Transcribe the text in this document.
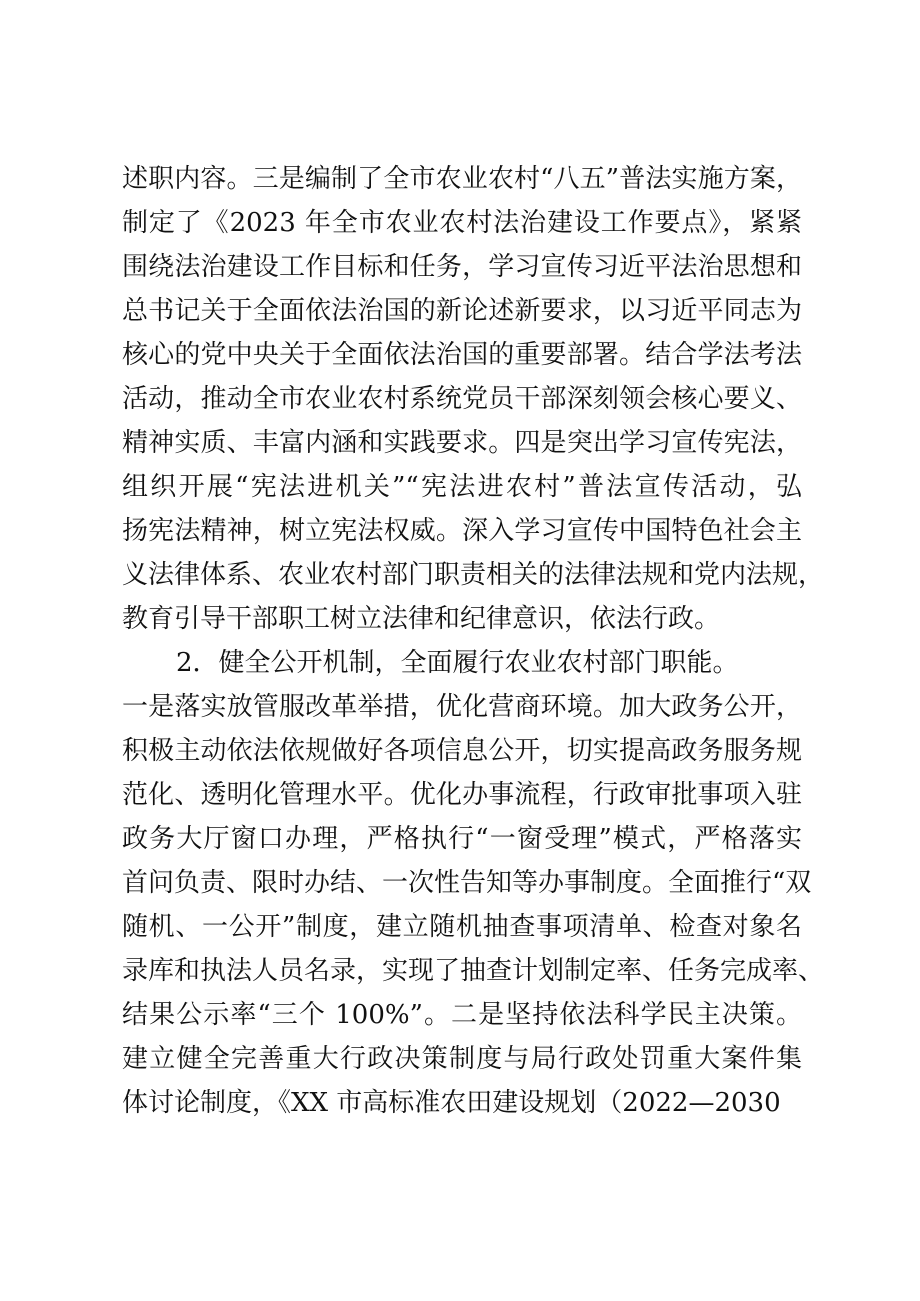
述职内容。三是编制了全市农业农村“八五”普法实施方案，
制定了《2023 年全市农业农村法治建设工作要点》，紧紧
围绕法治建设工作目标和任务，学习宣传习近平法治思想和
总书记关于全面依法治国的新论述新要求，以习近平同志为
核心的党中央关于全面依法治国的重要部署。结合学法考法
活动，推动全市农业农村系统党员干部深刻领会核心要义、
精神实质、丰富内涵和实践要求。四是突出学习宣传宪法，
组织开展“宪法进机关”“宪法进农村”普法宣传活动，弘
扬宪法精神，树立宪法权威。深入学习宣传中国特色社会主
义法律体系、农业农村部门职责相关的法律法规和党内法规，
教育引导干部职工树立法律和纪律意识，依法行政。
2．健全公开机制，全面履行农业农村部门职能。
一是落实放管服改革举措，优化营商环境。加大政务公开，
积极主动依法依规做好各项信息公开，切实提高政务服务规
范化、透明化管理水平。优化办事流程，行政审批事项入驻
政务大厅窗口办理，严格执行“一窗受理”模式，严格落实
首问负责、限时办结、一次性告知等办事制度。全面推行“双
随机、一公开”制度，建立随机抽查事项清单、检查对象名
录库和执法人员名录，实现了抽查计划制定率、任务完成率、
结果公示率“三个 100%”。二是坚持依法科学民主决策。
建立健全完善重大行政决策制度与局行政处罚重大案件集
体讨论制度，《XX 市高标准农田建设规划（2022—2030
